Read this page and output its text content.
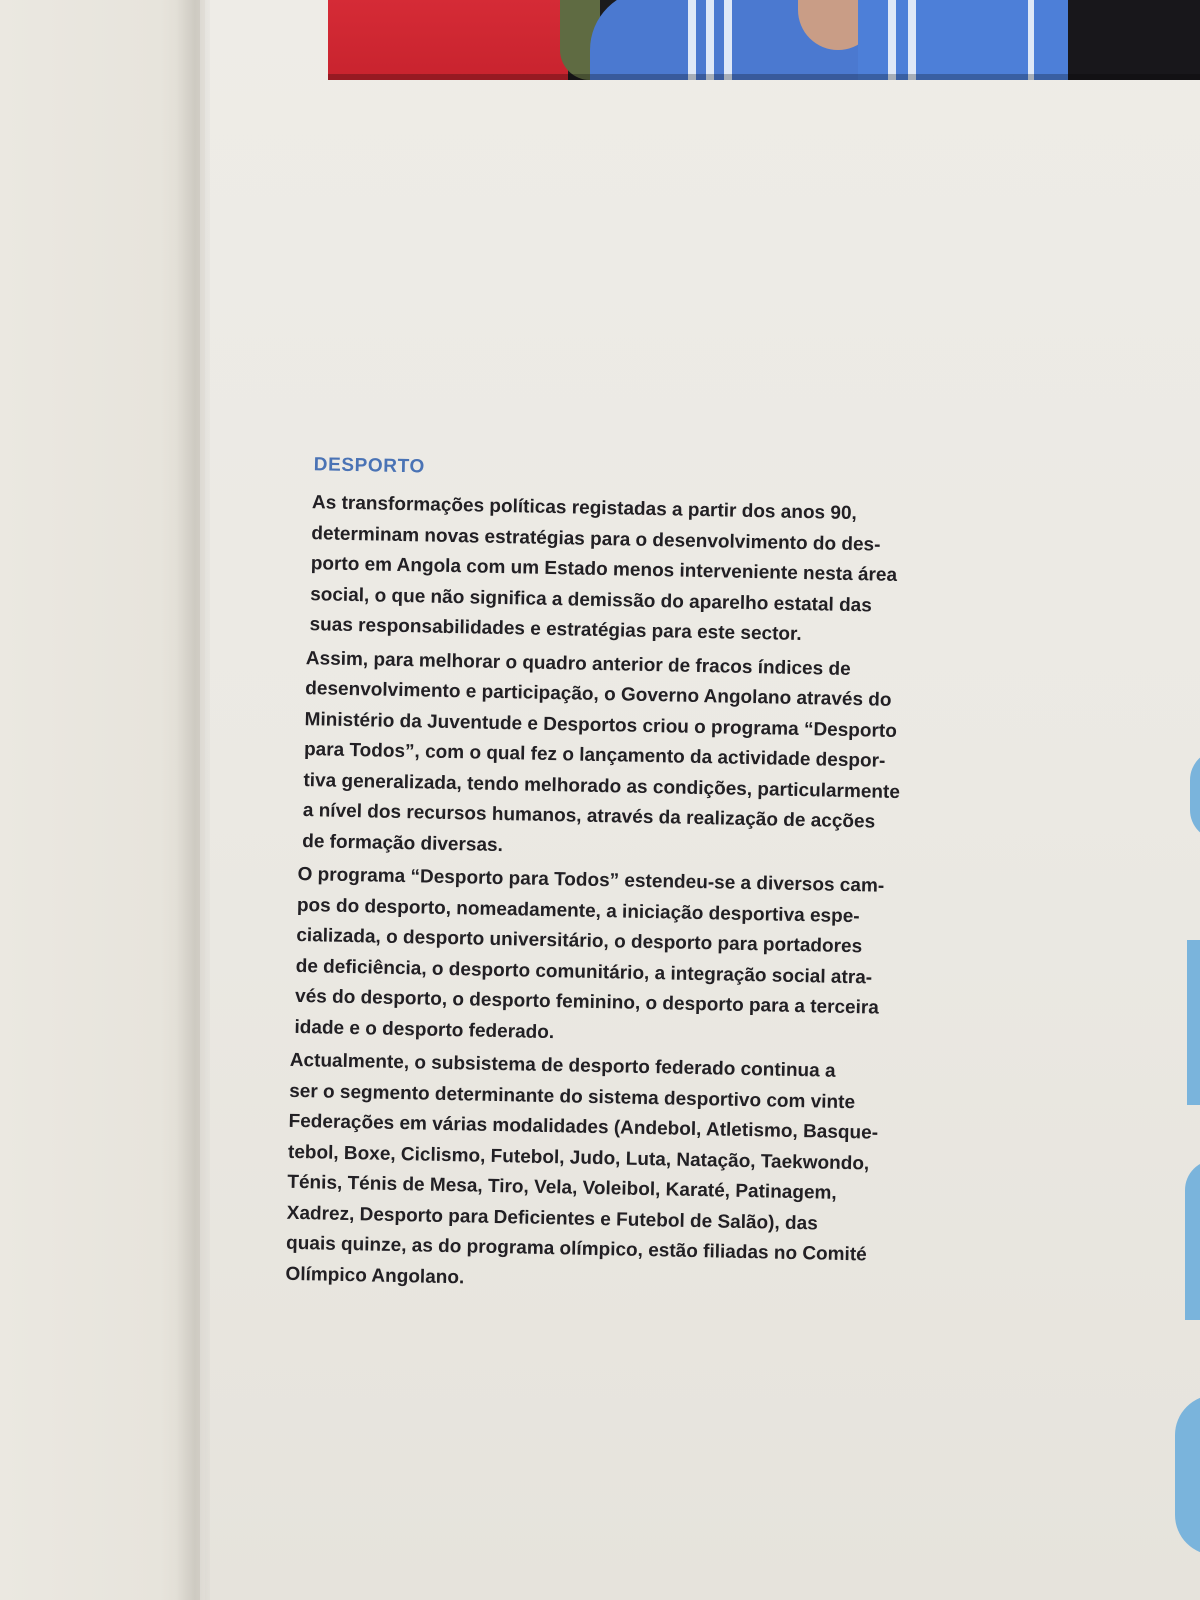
DESPORTO

As transformações políticas registadas a partir dos anos 90,
determinam novas estratégias para o desenvolvimento do des-
porto em Angola com um Estado menos interveniente nesta área
social, o que não significa a demissão do aparelho estatal das
suas responsabilidades e estratégias para este sector.

Assim, para melhorar o quadro anterior de fracos índices de
desenvolvimento e participação, o Governo Angolano através do
Ministério da Juventude e Desportos criou o programa “Desporto
para Todos”, com o qual fez o lançamento da actividade despor-
tiva generalizada, tendo melhorado as condições, particularmente
a nível dos recursos humanos, através da realização de acções
de formação diversas.

O programa “Desporto para Todos” estendeu-se a diversos cam-
pos do desporto, nomeadamente, a iniciação desportiva espe-
cializada, o desporto universitário, o desporto para portadores
de deficiência, o desporto comunitário, a integração social atra-
vés do desporto, o desporto feminino, o desporto para a terceira
idade e o desporto federado.

Actualmente, o subsistema de desporto federado continua a
ser o segmento determinante do sistema desportivo com vinte
Federações em várias modalidades (Andebol, Atletismo, Basque-
tebol, Boxe, Ciclismo, Futebol, Judo, Luta, Natação, Taekwondo,
Ténis, Ténis de Mesa, Tiro, Vela, Voleibol, Karaté, Patinagem,
Xadrez, Desporto para Deficientes e Futebol de Salão), das
quais quinze, as do programa olímpico, estão filiadas no Comité
Olímpico Angolano.
